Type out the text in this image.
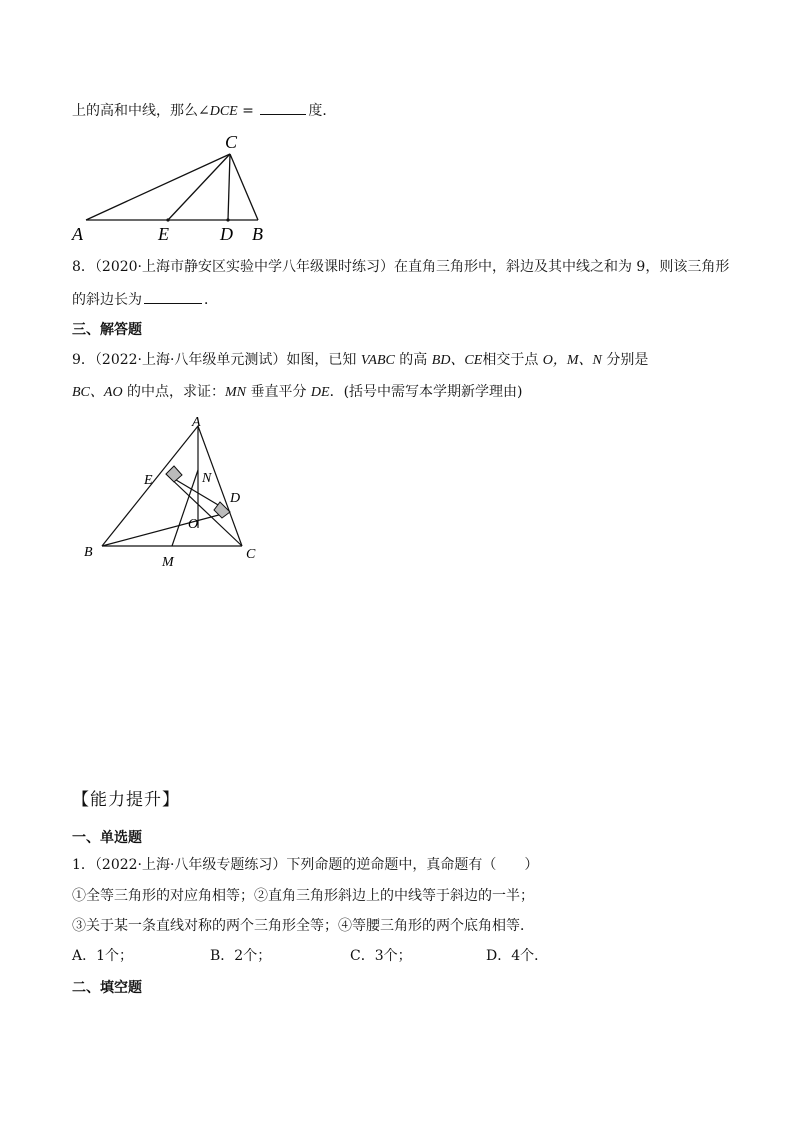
上的高和中线，那么∠DCE =	度．
C
A	E	D B
8．（2020·上海市静安区实验中学八年级课时练习）在直角三角形中，斜边及其中线之和为 9，则该三角形
的斜边长为	．
三、解答题
9．（2022·上海·八年级单元测试）如图，已知 VABC 的高 BD、CE相交于点 O，M、N 分别是
BC、AO 的中点，求证：MN 垂直平分 DE．(括号中需写本学期新学理由)
A
E	N
D
O
B
M
C
【能力提升】
一、单选题
1．（2022·上海·八年级专题练习）下列命题的逆命题中，真命题有（　　）
①全等三角形的对应角相等；②直角三角形斜边上的中线等于斜边的一半；
③关于某一条直线对称的两个三角形全等；④等腰三角形的两个底角相等．
A．1个；	B．2个；	C．3个；	D．4个．
二、填空题
